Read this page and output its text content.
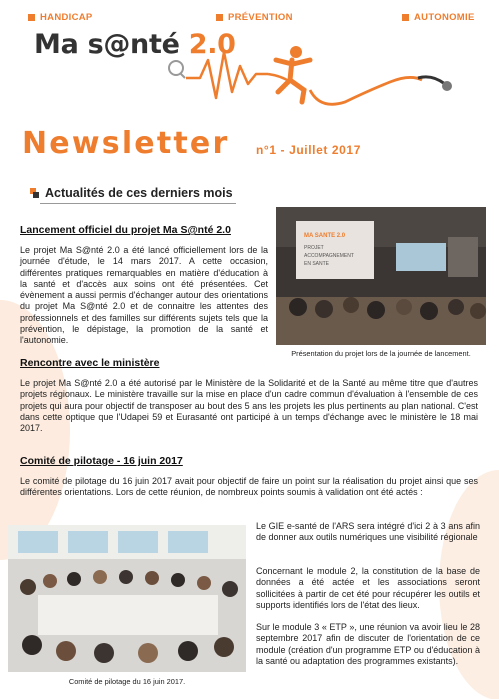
HANDICAP	PRÉVENTION	AUTONOMIE
Ma s@nté 2.0
Newsletter n°1 - Juillet 2017
Actualités de ces derniers mois
Lancement officiel du projet Ma S@nté 2.0
Le projet Ma S@nté 2.0 a été lancé officiellement lors de la journée d'étude, le 14 mars 2017. A cette occasion, différentes pratiques remarquables en matière d'éducation à la santé et d'accès aux soins ont été présentées. Cet évènement a aussi permis d'échanger autour des orientations du projet Ma S@nté 2.0 et de connaitre les attentes des professionnels et des familles sur différents sujets tels que la prévention, le dépistage, la promotion de la santé et l'autonomie.
MA SANTE 2.0
PROJET
ACCOMPAGNEMENT
EN SANTE
Présentation du projet lors de la journée de lancement.
Rencontre avec le ministère
Le projet Ma S@nté 2.0 a été autorisé par le Ministère de la Solidarité et de la Santé au même titre que d'autres projets régionaux. Le ministère travaille sur la mise en place d'un cadre commun d'évaluation à l'ensemble de ces projets qui aura pour objectif de transposer au bout des 5 ans les projets les plus pertinents au plan national. C'est dans cette optique que l'Udapei 59 et Eurasanté ont participé à un temps d'échange avec le ministère le 18 mai 2017.
Comité de pilotage - 16 juin 2017
Le comité de pilotage du 16 juin 2017 avait pour objectif de faire un point sur la réalisation du projet ainsi que ses différentes orientations. Lors de cette réunion, de nombreux points soumis à validation ont été actés :
Comité de pilotage du 16 juin 2017.
Le GIE e-santé de l'ARS sera intégré d'ici 2 à 3 ans afin de donner aux outils numériques une visibilité régionale
Concernant le module 2, la constitution de la base de données a été actée et les associations seront sollicitées à partir de cet été pour récupérer les outils et supports identifiés lors de l'état des lieux.
Sur le module 3 « ETP », une réunion va avoir lieu le 28 septembre 2017 afin de discuter de l'orientation de ce module (création d'un programme ETP ou d'éducation à la santé ou adaptation des programmes existants).
